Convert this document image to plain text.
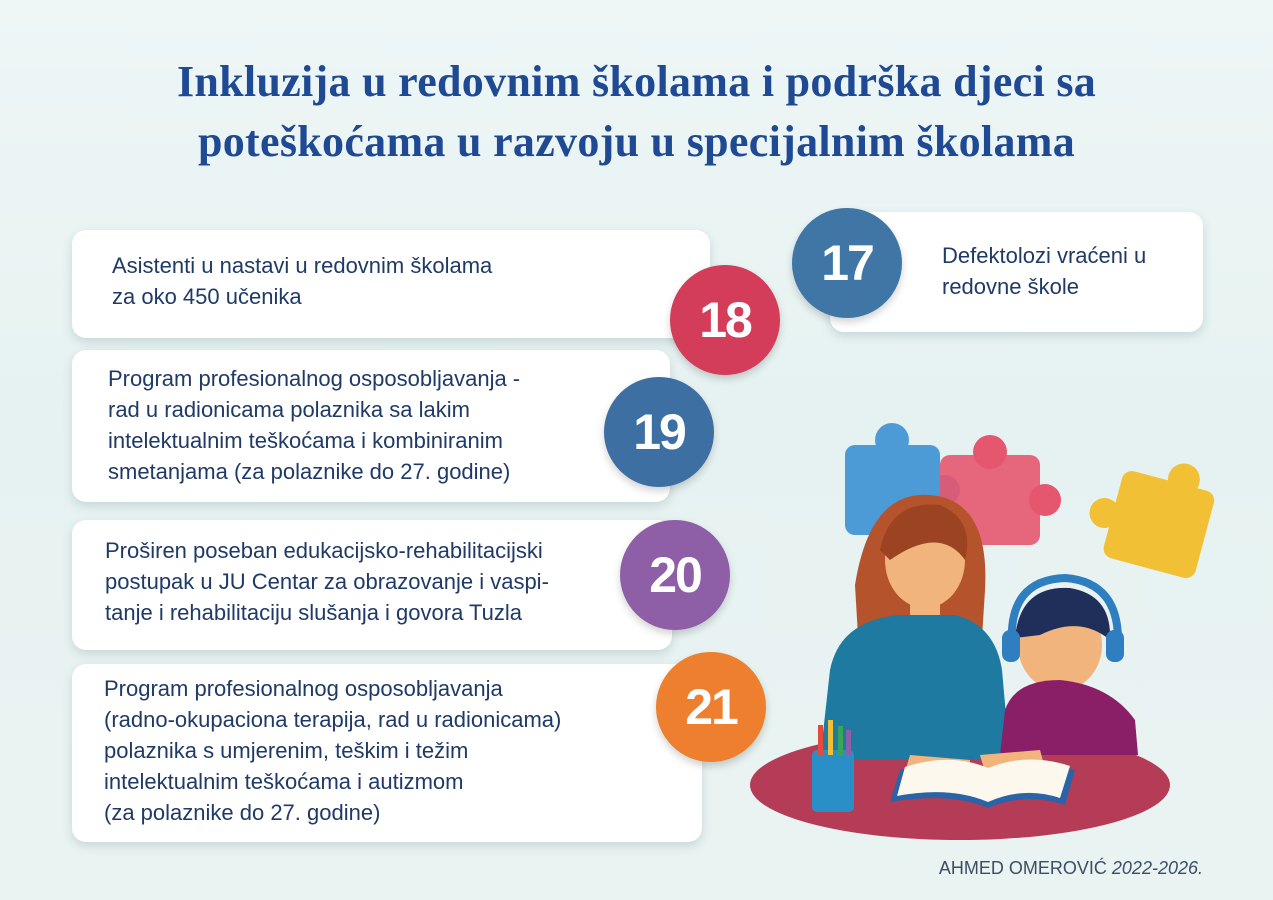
Inkluzija u redovnim školama i podrška djeci sa
poteškoćama u razvoju u specijalnim školama
Defektolozi vraćeni u
redovne škole
17
Asistenti u nastavi u redovnim školama
za oko 450 učenika	18
Program profesionalnog osposobljavanja -
rad u radionicama polaznika sa lakim
intelektualnim teškoćama i kombiniranim
smetanjama (za polaznike do 27. godine)
19
Proširen poseban edukacijsko-rehabilitacijski
postupak u JU Centar za obrazovanje i vaspi-
tanje i rehabilitaciju slušanja i govora Tuzla
20
Program profesionalnog osposobljavanja
(radno-okupaciona terapija, rad u radionicama)
polaznika s umjerenim, teškim i težim
intelektualnim teškoćama i autizmom
(za polaznike do 27. godine)
21
AHMED OMEROVIĆ 2022-2026.
